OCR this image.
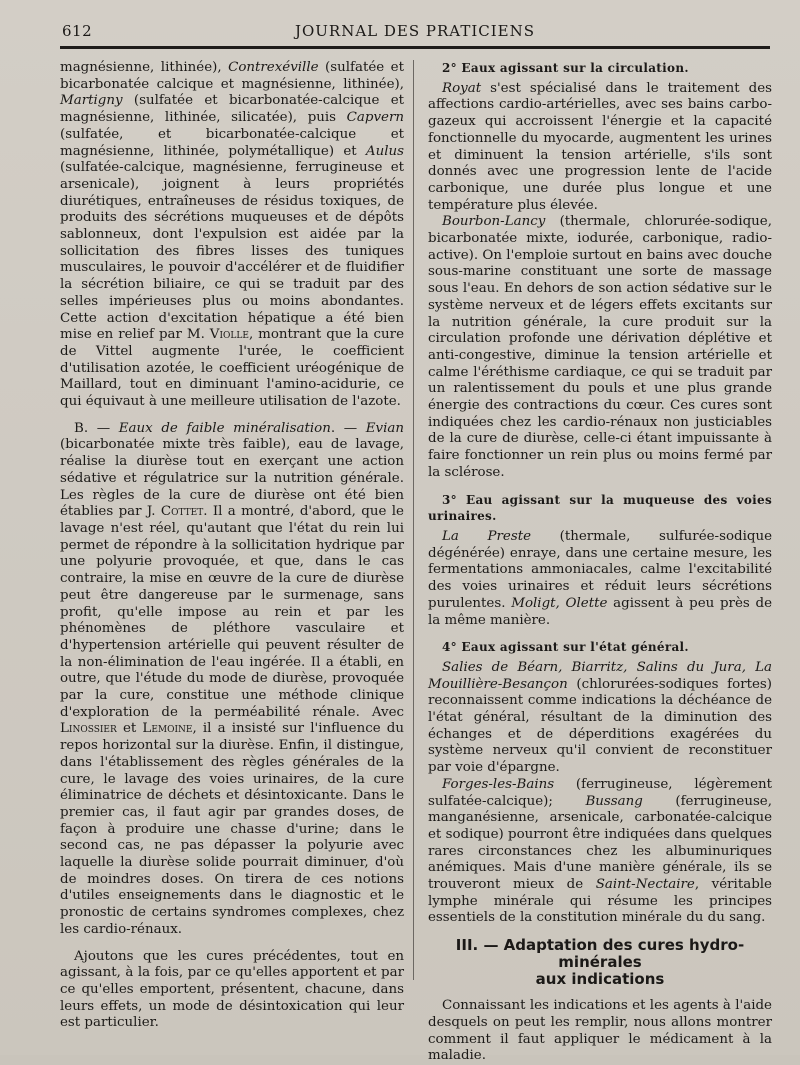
612	JOURNAL DES PRATICIENS

magnésienne, lithinée), Contrexéville (sulfatée et bicarbonatée calcique et magnésienne, lithinée), Martigny (sulfatée et bicarbonatée-calcique et magnésienne, lithinée, silicatée), puis Capvern (sulfatée, et bicarbonatée-calcique et magnésienne, lithinée, polymétallique) et Aulus (sulfatée-calcique, magnésienne, ferrugineuse et arsenicale), joignent à leurs propriétés diurétiques, entraîneuses de résidus toxiques, de produits des sécrétions muqueuses et de dépôts sablonneux, dont l'expulsion est aidée par la sollicitation des fibres lisses des tuniques musculaires, le pouvoir d'accélérer et de fluidifier la sécrétion biliaire, ce qui se traduit par des selles impérieuses plus ou moins abondantes. Cette action d'excitation hépatique a été bien mise en relief par M. Violle, montrant que la cure de Vittel augmente l'urée, le coefficient d'utilisation azotée, le coefficient uréogénique de Maillard, tout en diminuant l'amino-acidurie, ce qui équivaut à une meilleure utilisation de l'azote.

B. — Eaux de faible minéralisation. — Evian (bicarbonatée mixte très faible), eau de lavage, réalise la diurèse tout en exerçant une action sédative et régulatrice sur la nutrition générale. Les règles de la cure de diurèse ont été bien établies par J. Cottet. Il a montré, d'abord, que le lavage n'est réel, qu'autant que l'état du rein lui permet de répondre à la sollicitation hydrique par une polyurie provoquée, et que, dans le cas contraire, la mise en œuvre de la cure de diurèse peut être dangereuse par le surmenage, sans profit, qu'elle impose au rein et par les phénomènes de pléthore vasculaire et d'hypertension artérielle qui peuvent résulter de la non-élimination de l'eau ingérée. Il a établi, en outre, que l'étude du mode de diurèse, provoquée par la cure, constitue une méthode clinique d'exploration de la perméabilité rénale. Avec Linossier et Lemoine, il a insisté sur l'influence du repos horizontal sur la diurèse. Enfin, il distingue, dans l'établissement des règles générales de la cure, le lavage des voies urinaires, de la cure éliminatrice de déchets et désintoxicante. Dans le premier cas, il faut agir par grandes doses, de façon à produire une chasse d'urine; dans le second cas, ne pas dépasser la polyurie avec laquelle la diurèse solide pourrait diminuer, d'où de moindres doses. On tirera de ces notions d'utiles enseignements dans le diagnostic et le pronostic de certains syndromes complexes, chez les cardio-rénaux.

Ajoutons que les cures précédentes, tout en agissant, à la fois, par ce qu'elles apportent et par ce qu'elles emportent, présentent, chacune, dans leurs effets, un mode de désintoxication qui leur est particulier.

2° Eaux agissant sur la circulation.

Royat s'est spécialisé dans le traitement des affections cardio-artérielles, avec ses bains carbo-gazeux qui accroissent l'énergie et la capacité fonctionnelle du myocarde, augmentent les urines et diminuent la tension artérielle, s'ils sont donnés avec une progression lente de l'acide carbonique, une durée plus longue et une température plus élevée.

Bourbon-Lancy (thermale, chlorurée-sodique, bicarbonatée mixte, iodurée, carbonique, radio-active). On l'emploie surtout en bains avec douche sous-marine constituant une sorte de massage sous l'eau. En dehors de son action sédative sur le système nerveux et de légers effets excitants sur la nutrition générale, la cure produit sur la circulation profonde une dérivation déplétive et anti-congestive, diminue la tension artérielle et calme l'éréthisme cardiaque, ce qui se traduit par un ralentissement du pouls et une plus grande énergie des contractions du cœur. Ces cures sont indiquées chez les cardio-rénaux non justiciables de la cure de diurèse, celle-ci étant impuissante à faire fonctionner un rein plus ou moins fermé par la sclérose.

3° Eau agissant sur la muqueuse des voies urinaires.

La Preste (thermale, sulfurée-sodique dégénérée) enraye, dans une certaine mesure, les fermentations ammoniacales, calme l'excitabilité des voies urinaires et réduit leurs sécrétions purulentes. Moligt, Olette agissent à peu près de la même manière.

4° Eaux agissant sur l'état général.

Salies de Béarn, Biarritz, Salins du Jura, La Mouillière-Besançon (chlorurées-sodiques fortes) reconnaissent comme indications la déchéance de l'état général, résultant de la diminution des échanges et de déperditions exagérées du système nerveux qu'il convient de reconstituer par voie d'épargne.

Forges-les-Bains (ferrugineuse, légèrement sulfatée-calcique); Bussang (ferrugineuse, manganésienne, arsenicale, carbonatée-calcique et sodique) pourront être indiquées dans quelques rares circonstances chez les albuminuriques anémiques. Mais d'une manière générale, ils se trouveront mieux de Saint-Nectaire, véritable lymphe minérale qui résume les principes essentiels de la constitution minérale du du sang.

III. — Adaptation des cures hydro-minérales
aux indications

Connaissant les indications et les agents à l'aide desquels on peut les remplir, nous allons montrer comment il faut appliquer le médicament à la maladie.
